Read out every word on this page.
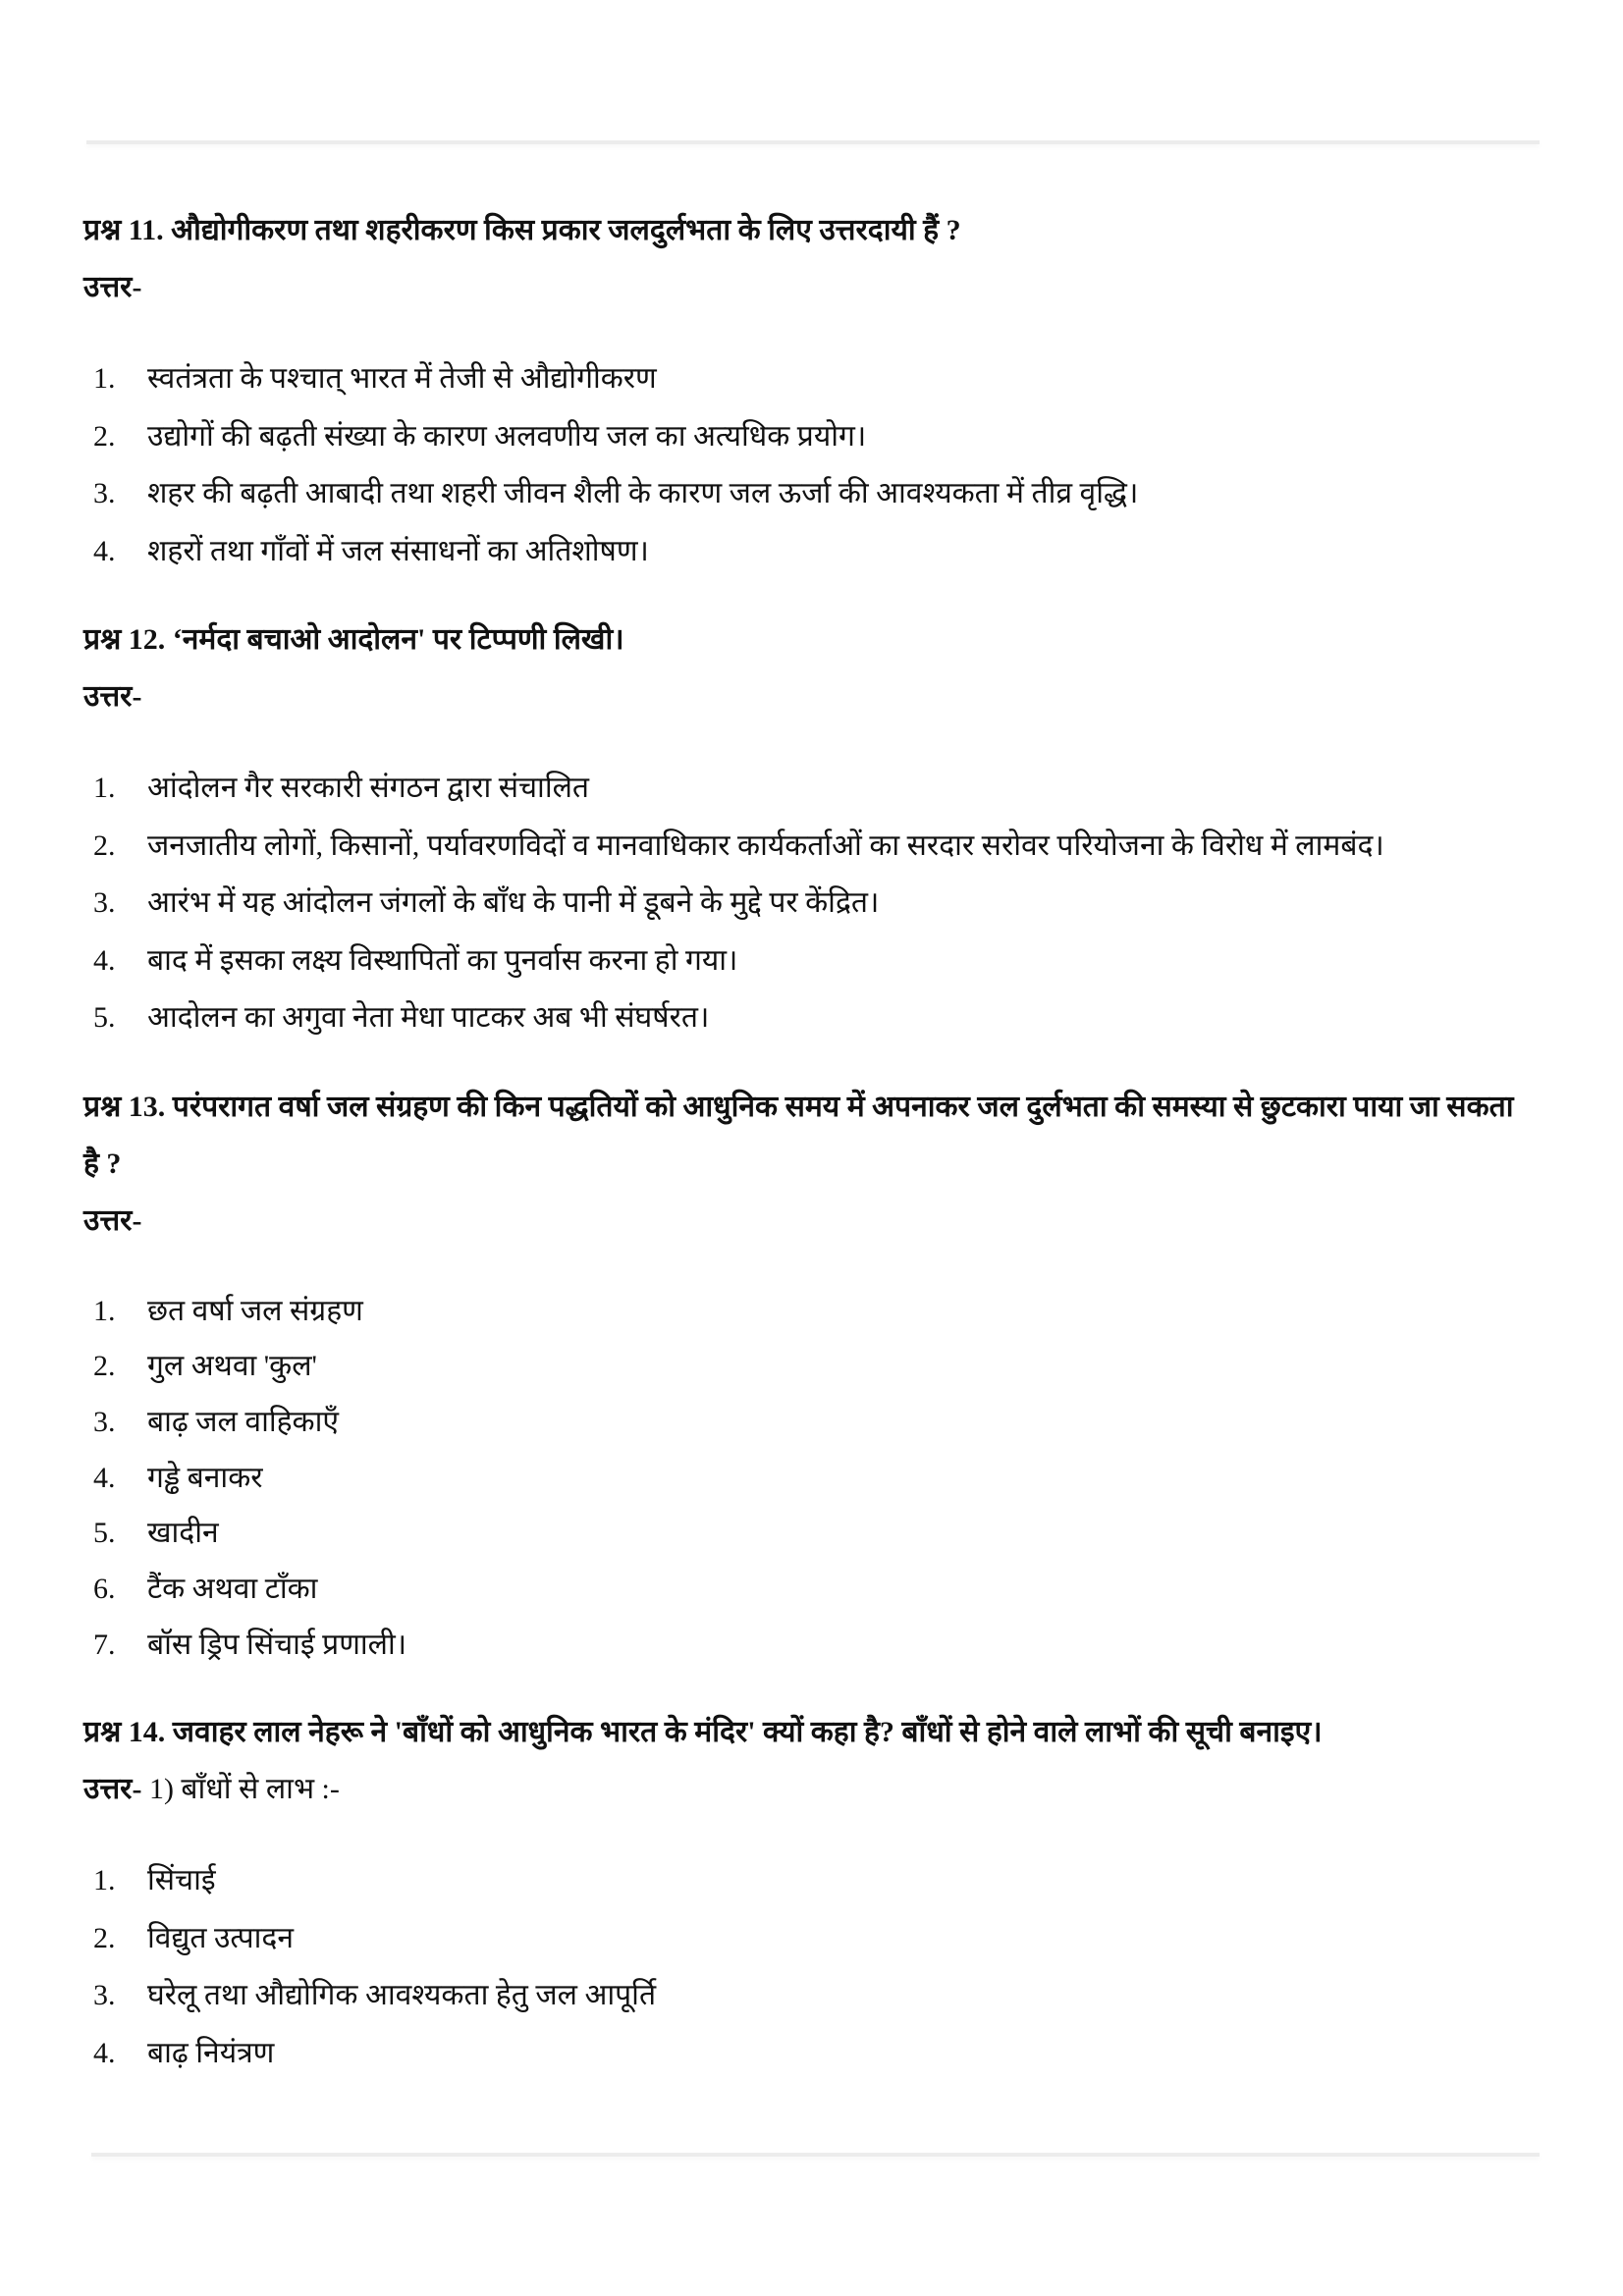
प्रश्न 11. औद्योगीकरण तथा शहरीकरण किस प्रकार जलदुर्लभता के लिए उत्तरदायी हैं ?

उत्तर-

1.	स्वतंत्रता के पश्चात् भारत में तेजी से औद्योगीकरण
2.	उद्योगों की बढ़ती संख्या के कारण अलवणीय जल का अत्यधिक प्रयोग।
3.	शहर की बढ़ती आबादी तथा शहरी जीवन शैली के कारण जल ऊर्जा की आवश्यकता में तीव्र वृद्धि।
4.	शहरों तथा गाँवों में जल संसाधनों का अतिशोषण।

प्रश्न 12. ‘नर्मदा बचाओ आदोलन' पर टिप्पणी लिखी।

उत्तर-

1.	आंदोलन गैर सरकारी संगठन द्वारा संचालित
2.	जनजातीय लोगों, किसानों, पर्यावरणविदों व मानवाधिकार कार्यकर्ताओं का सरदार सरोवर परियोजना के विरोध में लामबंद।
3.	आरंभ में यह आंदोलन जंगलों के बाँध के पानी में डूबने के मुद्दे पर केंद्रित।
4.	बाद में इसका लक्ष्य विस्थापितों का पुनर्वास करना हो गया।
5.	आदोलन का अगुवा नेता मेधा पाटकर अब भी संघर्षरत।

प्रश्न 13. परंपरागत वर्षा जल संग्रहण की किन पद्धतियों को आधुनिक समय में अपनाकर जल दुर्लभता की समस्या से छुटकारा पाया जा सकता है ?

उत्तर-

1.	छत वर्षा जल संग्रहण
2.	गुल अथवा 'कुल'
3.	बाढ़ जल वाहिकाएँ
4.	गड्ढे बनाकर
5.	खादीन
6.	टैंक अथवा टाँका
7.	बॉस ड्रिप सिंचाई प्रणाली।

प्रश्न 14. जवाहर लाल नेहरू ने 'बाँधों को आधुनिक भारत के मंदिर' क्यों कहा है? बाँधों से होने वाले लाभों की सूची बनाइए।

उत्तर- 1) बाँधों से लाभ :-

1.	सिंचाई
2.	विद्युत उत्पादन
3.	घरेलू तथा औद्योगिक आवश्यकता हेतु जल आपूर्ति
4.	बाढ़ नियंत्रण
